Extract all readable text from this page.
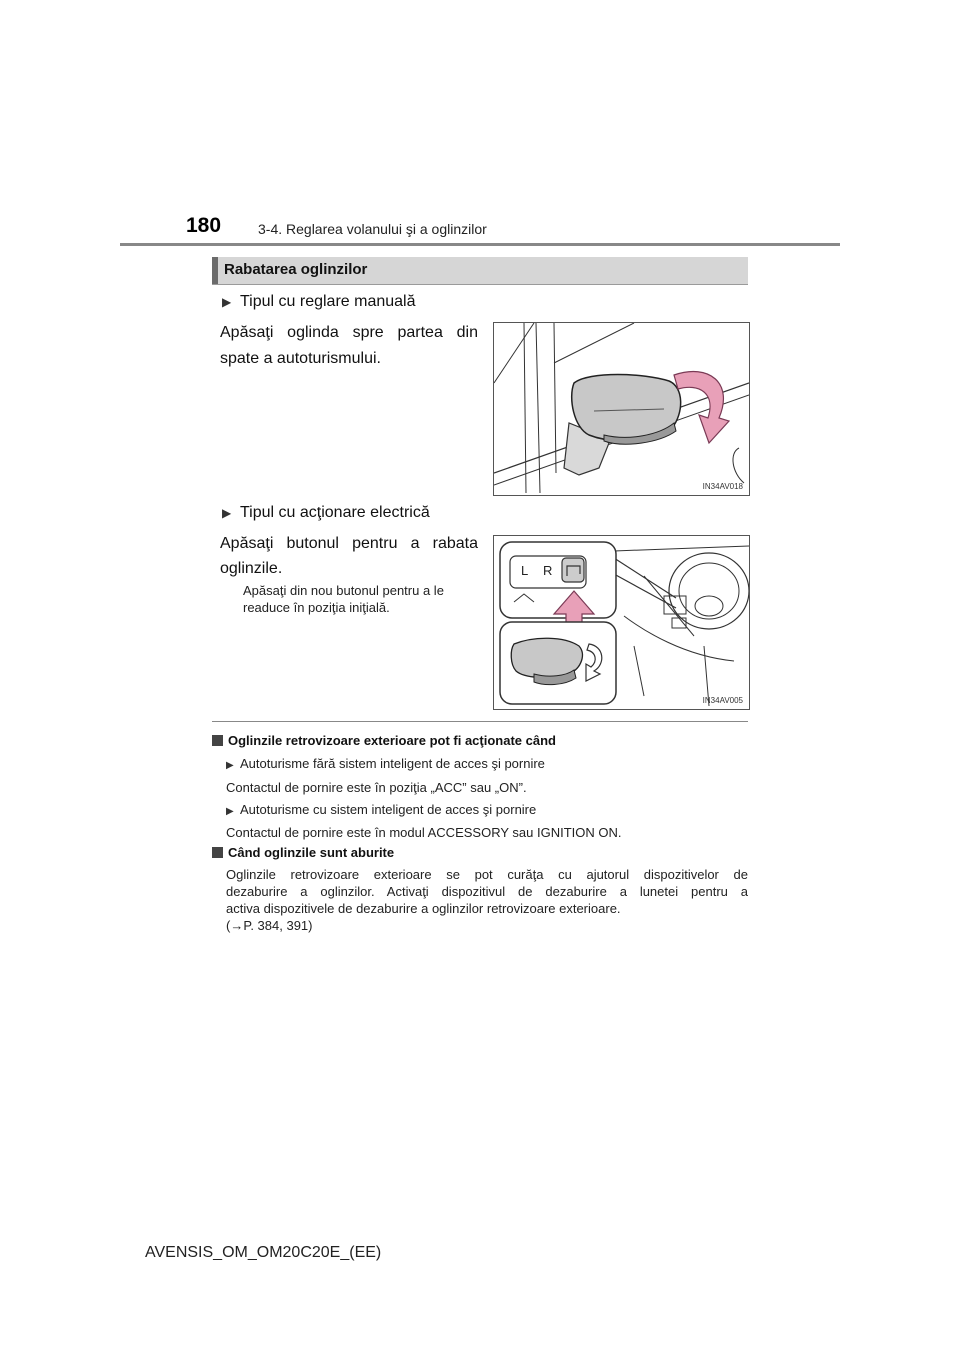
180	3-4. Reglarea volanului şi a oglinzilor
Rabatarea oglinzilor
▶ Tipul cu reglare manuală
Apăsaţi oglinda spre partea din
spate a autoturismului.
IN34AV018
▶ Tipul cu acţionare electrică
Apăsaţi butonul pentru a rabata
oglinzile.
Apăsaţi din nou butonul pentru a le
readuce în poziţia iniţială.
L R
IN34AV005
Oglinzile retrovizoare exterioare pot fi acţionate când
▶ Autoturisme fără sistem inteligent de acces şi pornire
Contactul de pornire este în poziţia „ACC” sau „ON”.
▶ Autoturisme cu sistem inteligent de acces şi pornire
Contactul de pornire este în modul ACCESSORY sau IGNITION ON.
Când oglinzile sunt aburite
Oglinzile retrovizoare exterioare se pot curăţa cu ajutorul dispozitivelor de
dezaburire a oglinzilor. Activaţi dispozitivul de dezaburire a lunetei pentru a
activa dispozitivele de dezaburire a oglinzilor retrovizoare exterioare.
(→P. 384, 391)
AVENSIS_OM_OM20C20E_(EE)
